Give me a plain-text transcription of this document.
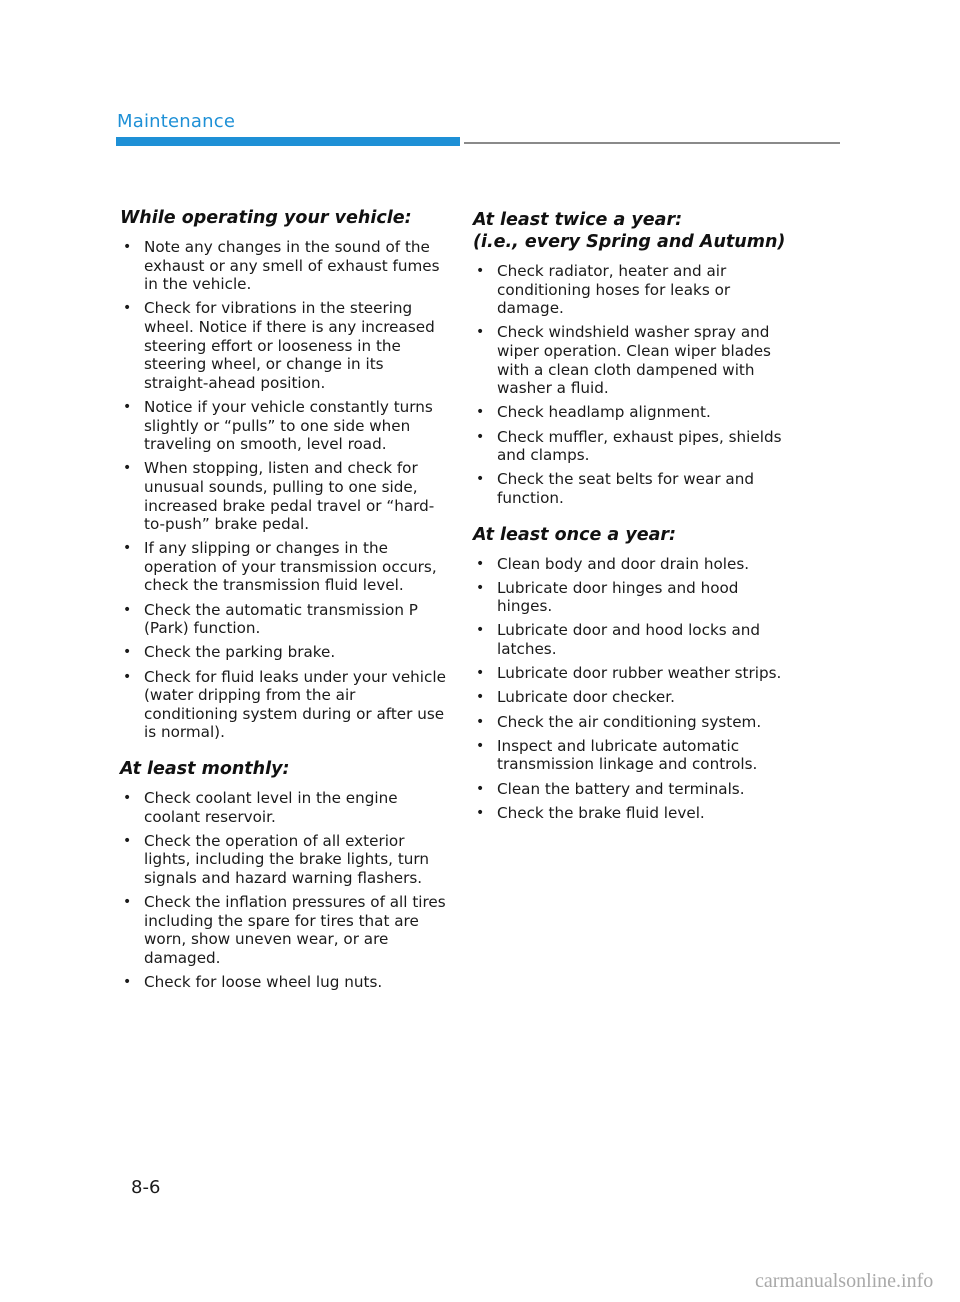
Maintenance
While operating your vehicle:
• Note any changes in the sound of the exhaust or any smell of exhaust fumes in the vehicle.
• Check for vibrations in the steering wheel. Notice if there is any increased steering effort or looseness in the steering wheel, or change in its straight-ahead position.
• Notice if your vehicle constantly turns slightly or “pulls” to one side when traveling on smooth, level road.
• When stopping, listen and check for unusual sounds, pulling to one side, increased brake pedal travel or “hard-to-push” brake pedal.
• If any slipping or changes in the operation of your transmission occurs, check the transmission fluid level.
• Check the automatic transmission P (Park) function.
• Check the parking brake.
• Check for fluid leaks under your vehicle (water dripping from the air conditioning system during or after use is normal).
At least monthly:
• Check coolant level in the engine coolant reservoir.
• Check the operation of all exterior lights, including the brake lights, turn signals and hazard warning flashers.
• Check the inflation pressures of all tires including the spare for tires that are worn, show uneven wear, or are damaged.
• Check for loose wheel lug nuts.
At least twice a year:
(i.e., every Spring and Autumn)
• Check radiator, heater and air conditioning hoses for leaks or damage.
• Check windshield washer spray and wiper operation. Clean wiper blades with a clean cloth dampened with washer a fluid.
• Check headlamp alignment.
• Check muffler, exhaust pipes, shields and clamps.
• Check the seat belts for wear and function.
At least once a year:
• Clean body and door drain holes.
• Lubricate door hinges and hood hinges.
• Lubricate door and hood locks and latches.
• Lubricate door rubber weather strips.
• Lubricate door checker.
• Check the air conditioning system.
• Inspect and lubricate automatic transmission linkage and controls.
• Clean the battery and terminals.
• Check the brake fluid level.
8-6
carmanualsonline.info
